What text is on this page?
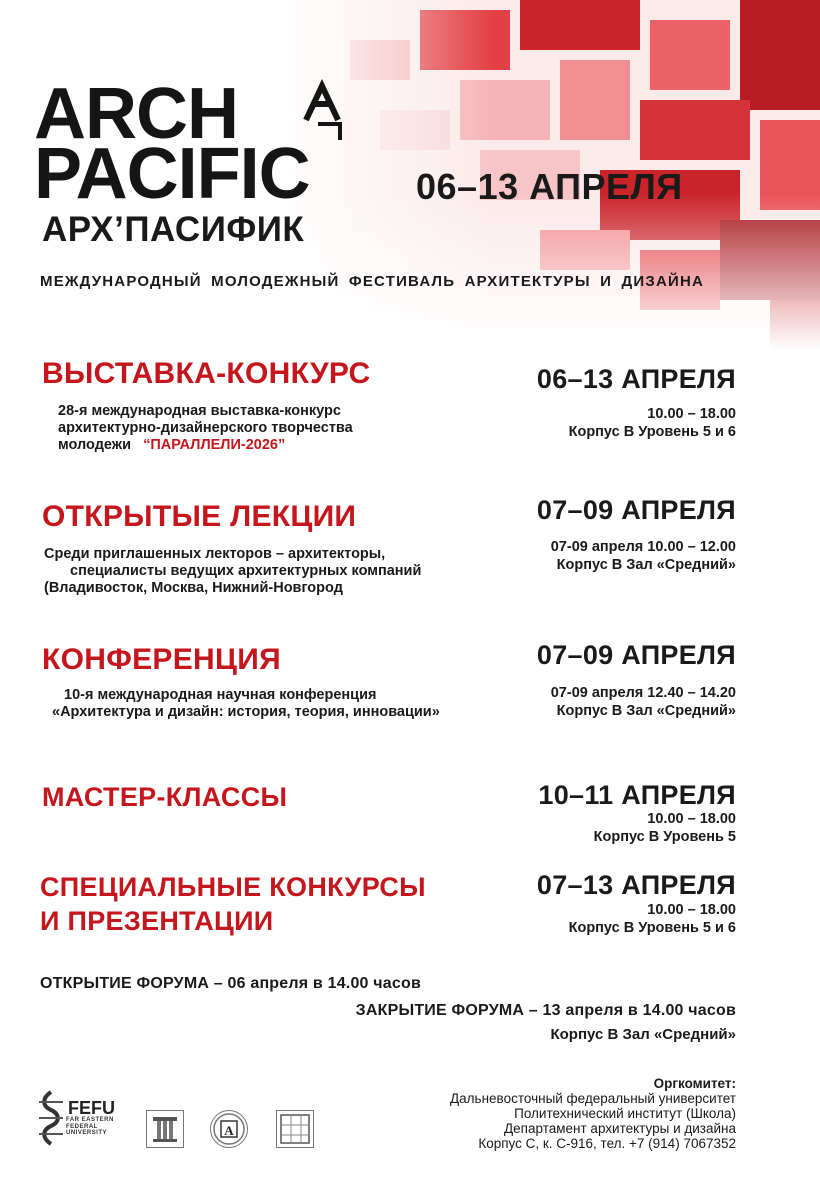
ARCH
PACIFIC
АРХ’ПАСИФИК
06–13 АПРЕЛЯ
МЕЖДУНАРОДНЫЙ МОЛОДЕЖНЫЙ ФЕСТИВАЛЬ АРХИТЕКТУРЫ И ДИЗАЙНА
ВЫСТАВКА-КОНКУРС
28-я международная выставка-конкурс
архитектурно-дизайнерского творчества
молодежи “ПАРАЛЛЕЛИ-2026”
06–13 АПРЕЛЯ
10.00 – 18.00
Корпус В Уровень 5 и 6
ОТКРЫТЫЕ ЛЕКЦИИ
Среди приглашенных лекторов – архитекторы,
специалисты ведущих архитектурных компаний
(Владивосток, Москва, Нижний-Новгород
07–09 АПРЕЛЯ
07-09 апреля 10.00 – 12.00
Корпус В Зал «Средний»
КОНФЕРЕНЦИЯ
10-я международная научная конференция
«Архитектура и дизайн: история, теория, инновации»
07–09 АПРЕЛЯ
07-09 апреля 12.40 – 14.20
Корпус В Зал «Средний»
МАСТЕР-КЛАССЫ	10–11 АПРЕЛЯ
10.00 – 18.00
Корпус В Уровень 5
СПЕЦИАЛЬНЫЕ КОНКУРСЫ
И ПРЕЗЕНТАЦИИ
07–13 АПРЕЛЯ
10.00 – 18.00
Корпус В Уровень 5 и 6
ОТКРЫТИЕ ФОРУМА – 06 апреля в 14.00 часов
ЗАКРЫТИЕ ФОРУМА – 13 апреля в 14.00 часов
Корпус В Зал «Средний»
FEFU
FAR EASTERN
FEDERAL
UNIVERSITY	A
Оргкомитет:
Дальневосточный федеральный университет
Политехнический институт (Школа)
Департамент архитектуры и дизайна
Корпус С, к. С-916, тел. +7 (914) 7067352
